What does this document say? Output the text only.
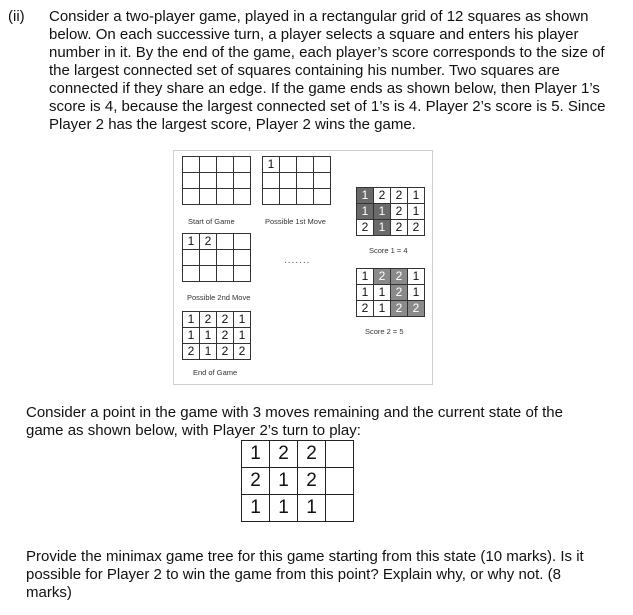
(ii) Consider a two-player game, played in a rectangular grid of 12 squares as shown below. On each successive turn, a player selects a square and enters his player number in it. By the end of the game, each player’s score corresponds to the size of the largest connected set of squares containing his number. Two squares are connected if they share an edge. If the game ends as shown below, then Player 1’s score is 4, because the largest connected set of 1’s is 4. Player 2’s score is 5. Since Player 2 has the largest score, Player 2 wins the game.

Start of Game
1			

Possible 1st Move
1	2		

Possible 2nd Move
.......
1	2	2	1
1	1	2	1
2	1	2	2
End of Game
1	2	2	1
1	1	2	1
2	1	2	2
Score 1 = 4
1	2	2	1
1	1	2	1
2	1	2	2
Score 2 = 5

Consider a point in the game with 3 moves remaining and the current state of the game as shown below, with Player 2’s turn to play:

1	2	2	
2	1	2	
1	1	1	

Provide the minimax game tree for this game starting from this state (10 marks). Is it possible for Player 2 to win the game from this point? Explain why, or why not. (8 marks)
